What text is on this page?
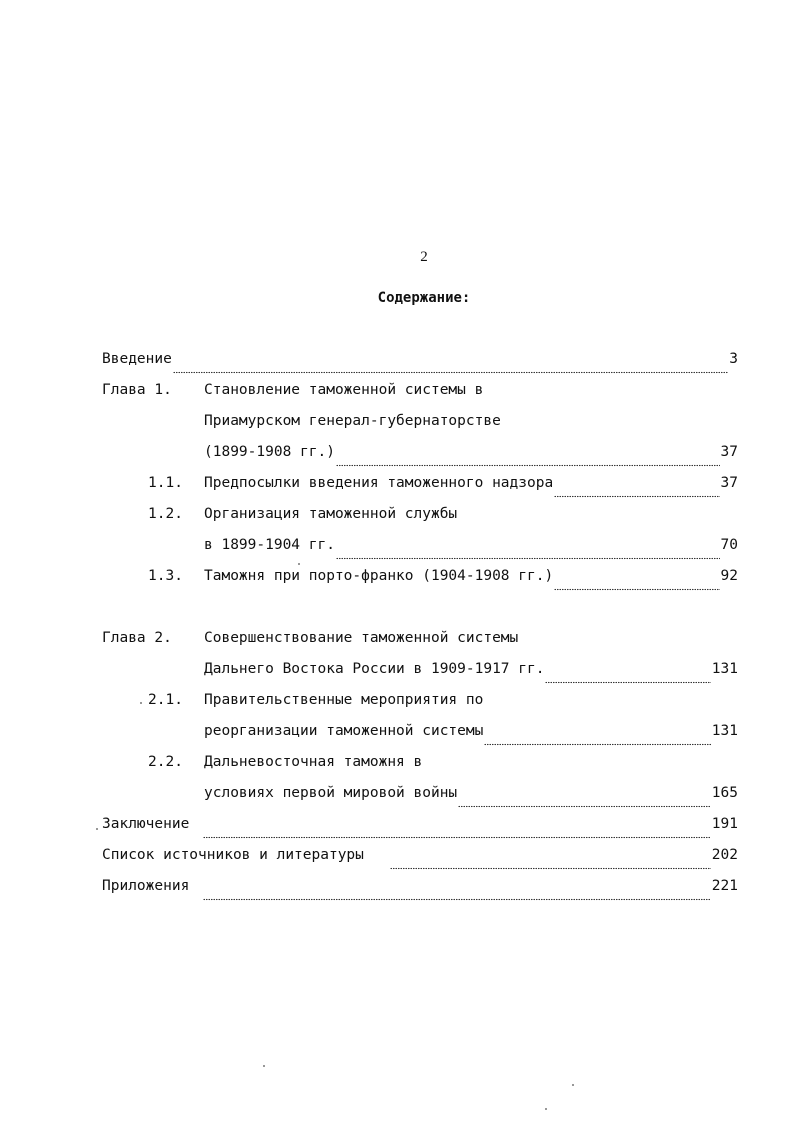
2
Содержание:
Введение	3
Глава 1. Становление таможенной системы в
Приамурском генерал-губернаторстве
(1899-1908 гг.)	37
1.1. Предпосылки введения таможенного надзора	37
1.2. Организация таможенной службы
в 1899-1904 гг.	70
1.3. Таможня при порто-франко (1904-1908 гг.)	92
Глава 2. Совершенствование таможенной системы
Дальнего Востока России в 1909-1917 гг.	131
2.1. Правительственные мероприятия по
реорганизации таможенной системы	131
2.2. Дальневосточная таможня в
условиях первой мировой войны	165
Заключение	191
Список источников и литературы	202
Приложения	221
